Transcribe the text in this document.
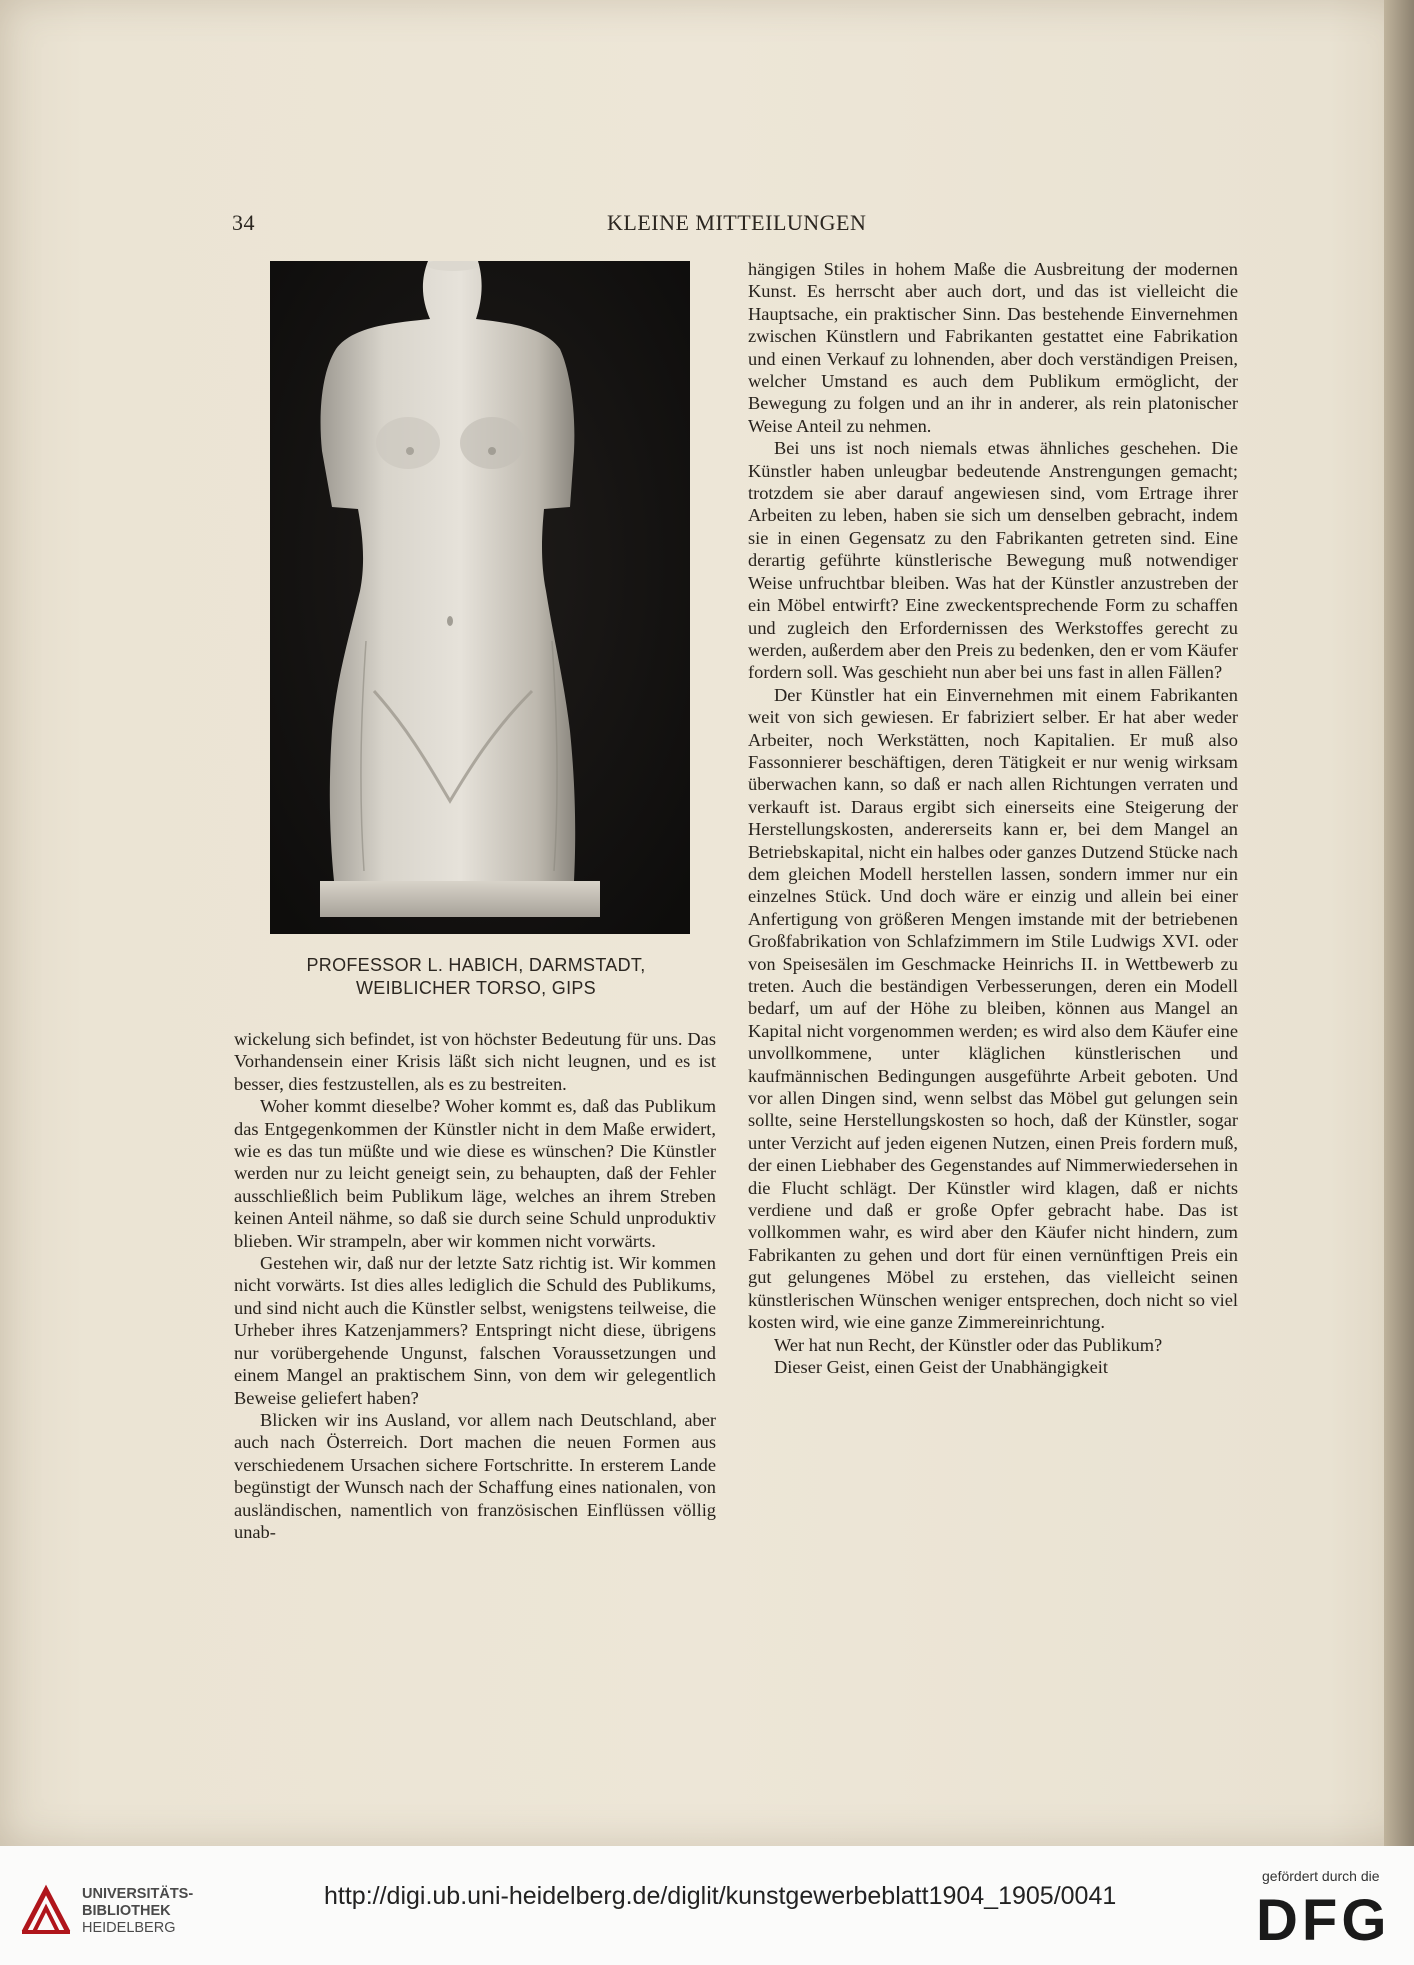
34	KLEINE MITTEILUNGEN
PROFESSOR L. HABICH, DARMSTADT,
WEIBLICHER TORSO, GIPS

wickelung sich befindet, ist von höchster Bedeutung für uns. Das Vorhandensein einer Krisis läßt sich nicht leugnen, und es ist besser, dies festzustellen, als es zu bestreiten.

Woher kommt dieselbe? Woher kommt es, daß das Publikum das Entgegenkommen der Künstler nicht in dem Maße erwidert, wie es das tun müßte und wie diese es wünschen? Die Künstler werden nur zu leicht geneigt sein, zu behaupten, daß der Fehler ausschließlich beim Publikum läge, welches an ihrem Streben keinen Anteil nähme, so daß sie durch seine Schuld unproduktiv blieben. Wir strampeln, aber wir kommen nicht vorwärts.

Gestehen wir, daß nur der letzte Satz richtig ist. Wir kommen nicht vorwärts. Ist dies alles lediglich die Schuld des Publikums, und sind nicht auch die Künstler selbst, wenigstens teilweise, die Urheber ihres Katzenjammers? Entspringt nicht diese, übrigens nur vorübergehende Ungunst, falschen Voraussetzungen und einem Mangel an praktischem Sinn, von dem wir gelegentlich Beweise geliefert haben?

Blicken wir ins Ausland, vor allem nach Deutschland, aber auch nach Österreich. Dort machen die neuen Formen aus verschiedenem Ursachen sichere Fortschritte. In ersterem Lande begünstigt der Wunsch nach der Schaffung eines nationalen, von ausländischen, namentlich von französischen Einflüssen völlig unab-

hängigen Stiles in hohem Maße die Ausbreitung der modernen Kunst. Es herrscht aber auch dort, und das ist vielleicht die Hauptsache, ein praktischer Sinn. Das bestehende Einvernehmen zwischen Künstlern und Fabrikanten gestattet eine Fabrikation und einen Verkauf zu lohnenden, aber doch verständigen Preisen, welcher Umstand es auch dem Publikum ermöglicht, der Bewegung zu folgen und an ihr in anderer, als rein platonischer Weise Anteil zu nehmen.

Bei uns ist noch niemals etwas ähnliches geschehen. Die Künstler haben unleugbar bedeutende Anstrengungen gemacht; trotzdem sie aber darauf angewiesen sind, vom Ertrage ihrer Arbeiten zu leben, haben sie sich um denselben gebracht, indem sie in einen Gegensatz zu den Fabrikanten getreten sind. Eine derartig geführte künstlerische Bewegung muß notwendiger Weise unfruchtbar bleiben. Was hat der Künstler anzustreben der ein Möbel entwirft? Eine zweckentsprechende Form zu schaffen und zugleich den Erfordernissen des Werkstoffes gerecht zu werden, außerdem aber den Preis zu bedenken, den er vom Käufer fordern soll. Was geschieht nun aber bei uns fast in allen Fällen?

Der Künstler hat ein Einvernehmen mit einem Fabrikanten weit von sich gewiesen. Er fabriziert selber. Er hat aber weder Arbeiter, noch Werkstätten, noch Kapitalien. Er muß also Fassonnierer beschäftigen, deren Tätigkeit er nur wenig wirksam überwachen kann, so daß er nach allen Richtungen verraten und verkauft ist. Daraus ergibt sich einerseits eine Steigerung der Herstellungskosten, andererseits kann er, bei dem Mangel an Betriebskapital, nicht ein halbes oder ganzes Dutzend Stücke nach dem gleichen Modell herstellen lassen, sondern immer nur ein einzelnes Stück. Und doch wäre er einzig und allein bei einer Anfertigung von größeren Mengen imstande mit der betriebenen Großfabrikation von Schlafzimmern im Stile Ludwigs XVI. oder von Speisesälen im Geschmacke Heinrichs II. in Wettbewerb zu treten. Auch die beständigen Verbesserungen, deren ein Modell bedarf, um auf der Höhe zu bleiben, können aus Mangel an Kapital nicht vorgenommen werden; es wird also dem Käufer eine unvollkommene, unter kläglichen künstlerischen und kaufmännischen Bedingungen ausgeführte Arbeit geboten. Und vor allen Dingen sind, wenn selbst das Möbel gut gelungen sein sollte, seine Herstellungskosten so hoch, daß der Künstler, sogar unter Verzicht auf jeden eigenen Nutzen, einen Preis fordern muß, der einen Liebhaber des Gegenstandes auf Nimmerwiedersehen in die Flucht schlägt. Der Künstler wird klagen, daß er nichts verdiene und daß er große Opfer gebracht habe. Das ist vollkommen wahr, es wird aber den Käufer nicht hindern, zum Fabrikanten zu gehen und dort für einen vernünftigen Preis ein gut gelungenes Möbel zu erstehen, das vielleicht seinen künstlerischen Wünschen weniger entsprechen, doch nicht so viel kosten wird, wie eine ganze Zimmereinrichtung.

Wer hat nun Recht, der Künstler oder das Publikum?

Dieser Geist, einen Geist der Unabhängigkeit

UNIVERSITÄTS-
BIBLIOTHEK
HEIDELBERG
http://digi.ub.uni-heidelberg.de/diglit/kunstgewerbeblatt1904_1905/0041
gefördert durch die
DFG
